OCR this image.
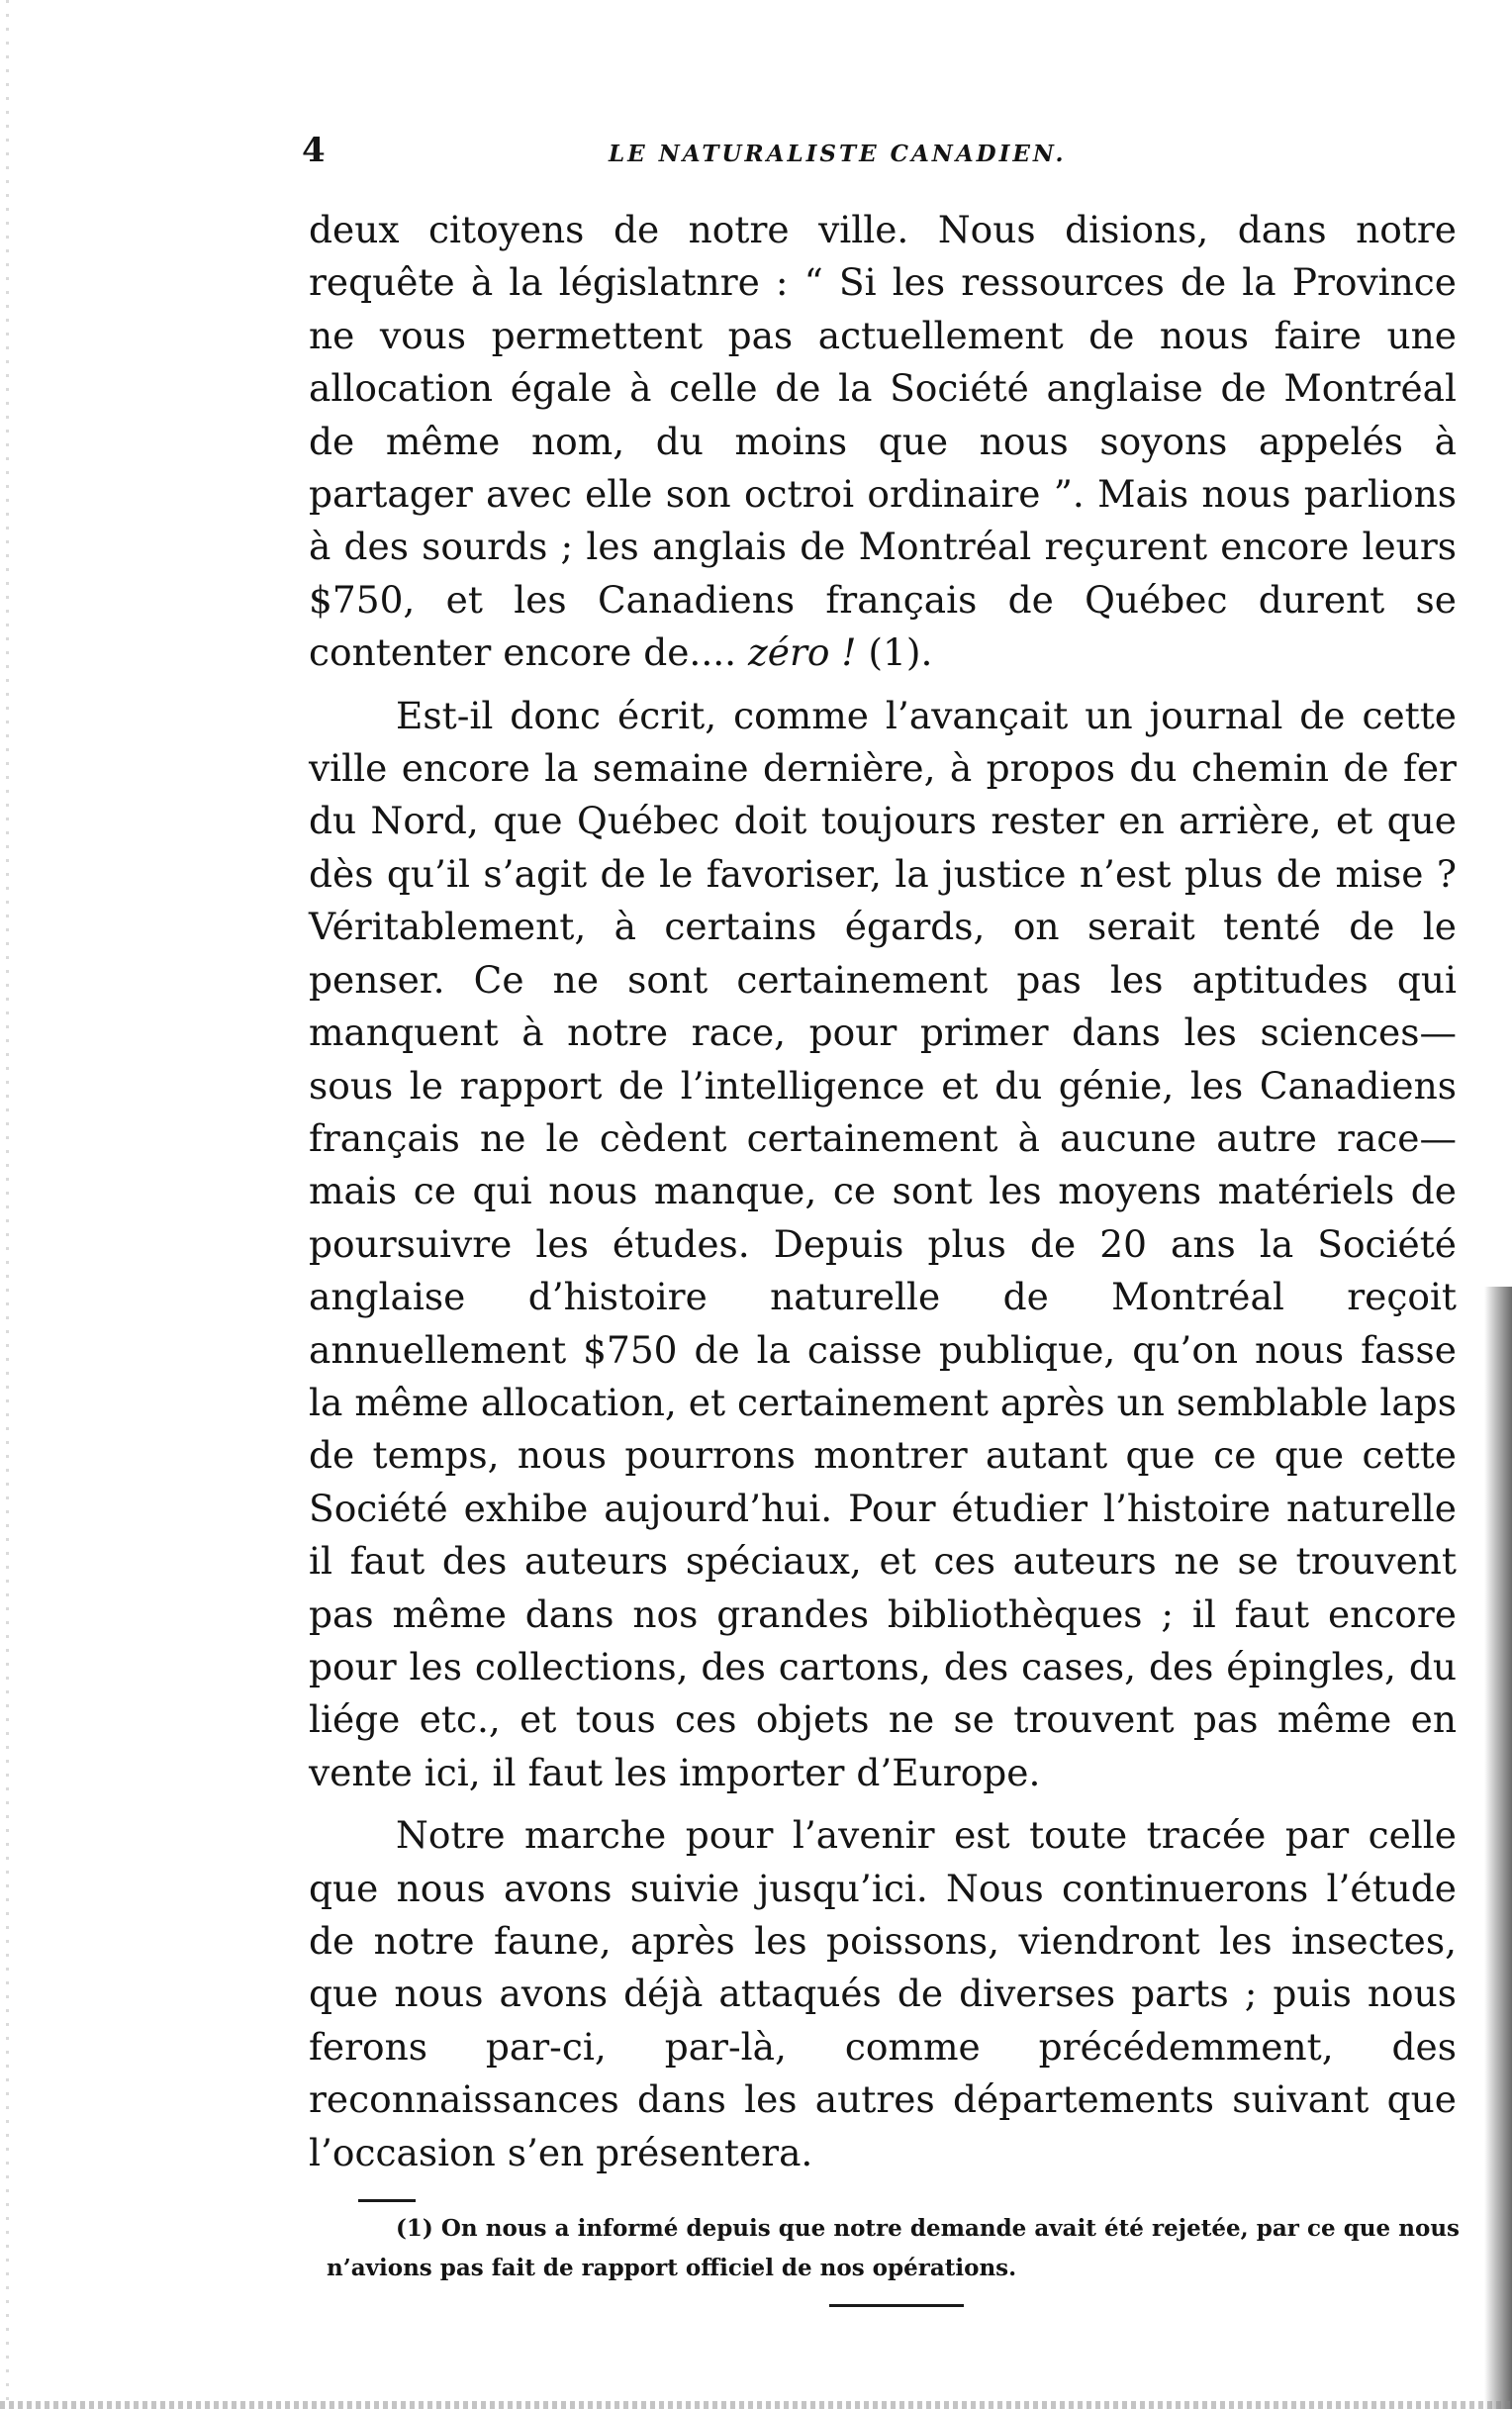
4	LE NATURALISTE CANADIEN.

deux citoyens de notre ville. Nous disions, dans notre requête à la législatnre : “ Si les ressources de la Province ne vous permettent pas actuellement de nous faire une allocation égale à celle de la Société anglaise de Montréal de même nom, du moins que nous soyons appelés à partager avec elle son octroi ordinaire ”. Mais nous parlions à des sourds ; les anglais de Montréal reçurent encore leurs $750, et les Canadiens français de Québec durent se contenter encore de.... zéro ! (1).

Est-il donc écrit, comme l’avançait un journal de cette ville encore la semaine dernière, à propos du chemin de fer du Nord, que Québec doit toujours rester en arrière, et que dès qu’il s’agit de le favoriser, la justice n’est plus de mise ? Véritablement, à certains égards, on serait tenté de le penser. Ce ne sont certainement pas les aptitudes qui manquent à notre race, pour primer dans les sciences— sous le rapport de l’intelligence et du génie, les Canadiens français ne le cèdent certainement à aucune autre race— mais ce qui nous manque, ce sont les moyens matériels de poursuivre les études. Depuis plus de 20 ans la Société anglaise d’histoire naturelle de Montréal reçoit annuellement $750 de la caisse publique, qu’on nous fasse la même allocation, et certainement après un semblable laps de temps, nous pourrons montrer autant que ce que cette Société exhibe aujourd’hui. Pour étudier l’histoire naturelle il faut des auteurs spéciaux, et ces auteurs ne se trouvent pas même dans nos grandes bibliothèques ; il faut encore pour les collections, des cartons, des cases, des épingles, du liége etc., et tous ces objets ne se trouvent pas même en vente ici, il faut les importer d’Europe.

Notre marche pour l’avenir est toute tracée par celle que nous avons suivie jusqu’ici. Nous continuerons l’étude de notre faune, après les poissons, viendront les insectes, que nous avons déjà attaqués de diverses parts ; puis nous ferons par-ci, par-là, comme précédemment, des reconnaissances dans les autres départements suivant que l’occasion s’en présentera.

(1) On nous a informé depuis que notre demande avait été rejetée, par ce que nous n’avions pas fait de rapport officiel de nos opérations.
